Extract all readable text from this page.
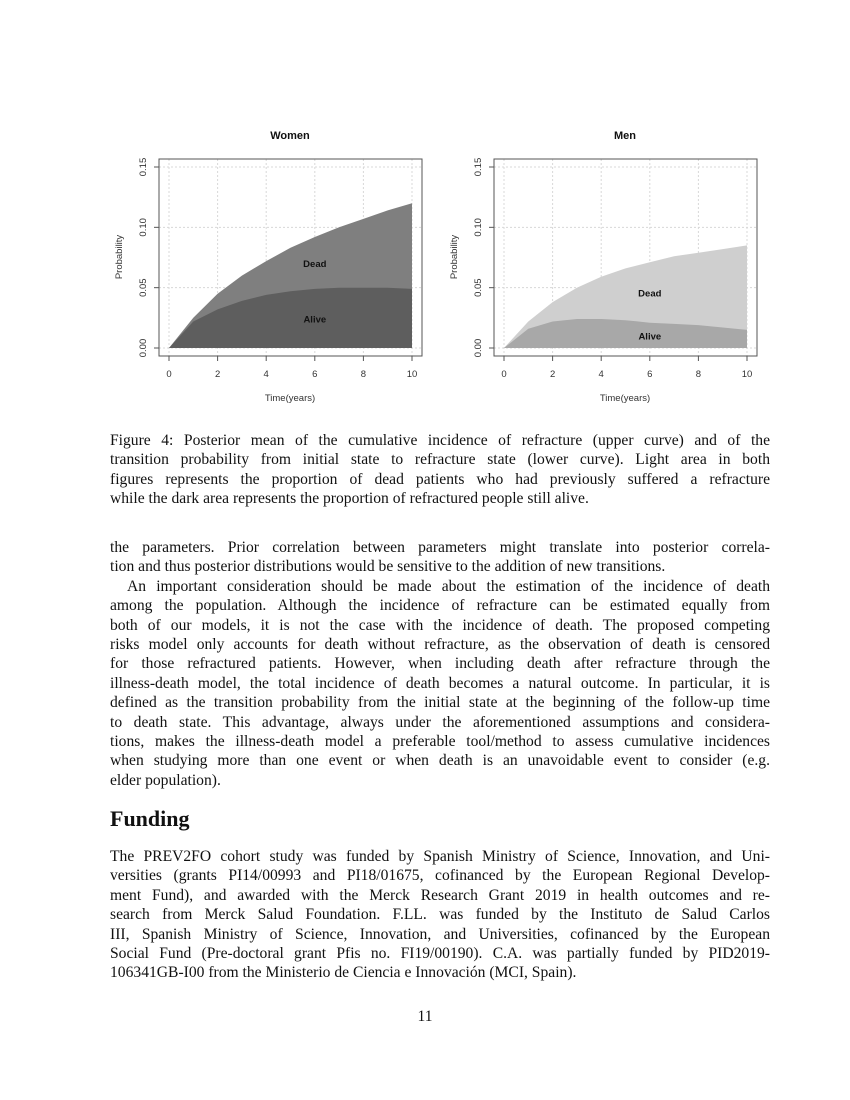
Dead
Alive
0	2	4	6	8	10
0.00
0.05
0.10
0.15
Women
Time(years)
Probability
Dead
Alive
0	2	4	6	8	10
0.00
0.05
0.10
0.15
Men
Time(years)
Probability
Figure 4: Posterior mean of the cumulative incidence of refracture (upper curve) and of the
transition probability from initial state to refracture state (lower curve). Light area in both
figures represents the proportion of dead patients who had previously suffered a refracture
while the dark area represents the proportion of refractured people still alive.
the parameters. Prior correlation between parameters might translate into posterior correla-
tion and thus posterior distributions would be sensitive to the addition of new transitions.
An important consideration should be made about the estimation of the incidence of death
among the population. Although the incidence of refracture can be estimated equally from
both of our models, it is not the case with the incidence of death. The proposed competing
risks model only accounts for death without refracture, as the observation of death is censored
for those refractured patients. However, when including death after refracture through the
illness-death model, the total incidence of death becomes a natural outcome. In particular, it is
defined as the transition probability from the initial state at the beginning of the follow-up time
to death state. This advantage, always under the aforementioned assumptions and considera-
tions, makes the illness-death model a preferable tool/method to assess cumulative incidences
when studying more than one event or when death is an unavoidable event to consider (e.g.
elder population).
Funding
The PREV2FO cohort study was funded by Spanish Ministry of Science, Innovation, and Uni-
versities (grants PI14/00993 and PI18/01675, cofinanced by the European Regional Develop-
ment Fund), and awarded with the Merck Research Grant 2019 in health outcomes and re-
search from Merck Salud Foundation. F.LL. was funded by the Instituto de Salud Carlos
III, Spanish Ministry of Science, Innovation, and Universities, cofinanced by the European
Social Fund (Pre-doctoral grant Pfis no. FI19/00190). C.A. was partially funded by PID2019-
106341GB-I00 from the Ministerio de Ciencia e Innovación (MCI, Spain).
11
